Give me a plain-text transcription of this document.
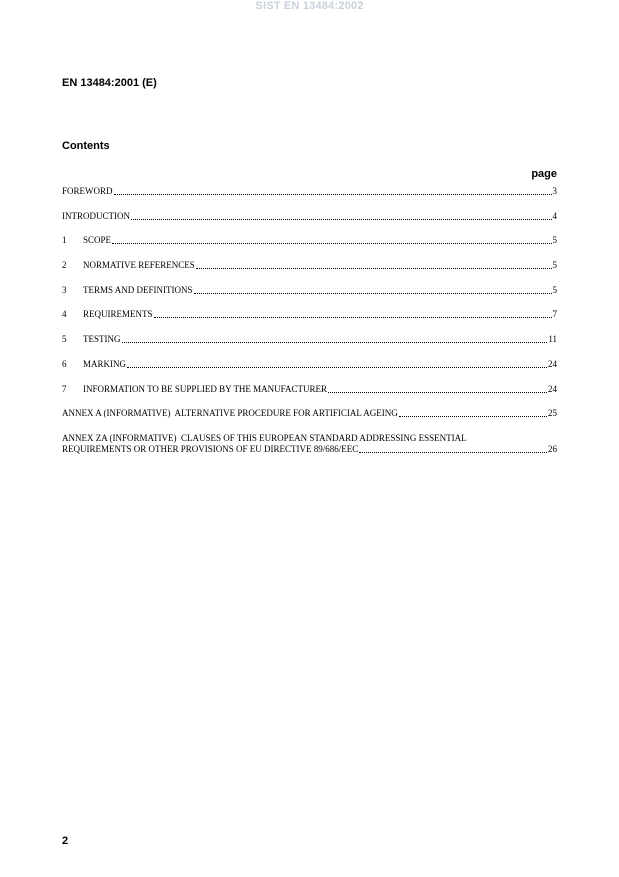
SIST EN 13484:2002
EN 13484:2001 (E)
Contents
page
FOREWORD	3
INTRODUCTION	4
1	SCOPE	5
2	NORMATIVE REFERENCES	5
3	TERMS AND DEFINITIONS	5
4	REQUIREMENTS	7
5	TESTING	11
6	MARKING	24
7	INFORMATION TO BE SUPPLIED BY THE MANUFACTURER	24
ANNEX A (INFORMATIVE)  ALTERNATIVE PROCEDURE FOR ARTIFICIAL AGEING	25
ANNEX ZA (INFORMATIVE)  CLAUSES OF THIS EUROPEAN STANDARD ADDRESSING ESSENTIAL
REQUIREMENTS OR OTHER PROVISIONS OF EU DIRECTIVE 89/686/EEC	26
2
